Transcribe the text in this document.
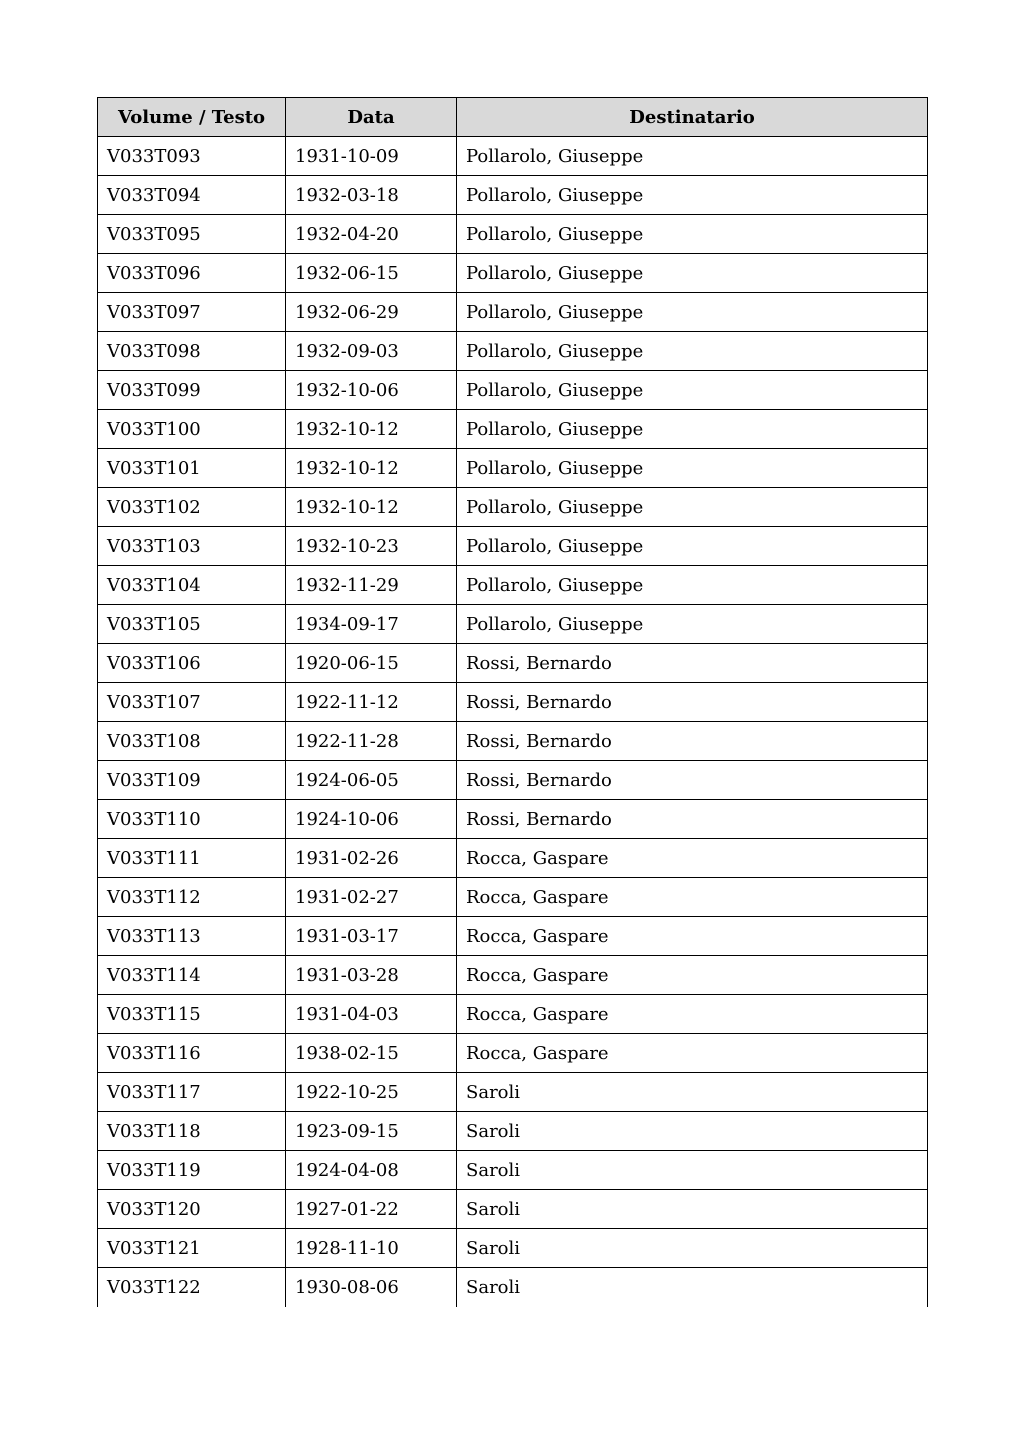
Volume / Testo	Data	Destinatario
V033T093	1931-10-09	Pollarolo, Giuseppe
V033T094	1932-03-18	Pollarolo, Giuseppe
V033T095	1932-04-20	Pollarolo, Giuseppe
V033T096	1932-06-15	Pollarolo, Giuseppe
V033T097	1932-06-29	Pollarolo, Giuseppe
V033T098	1932-09-03	Pollarolo, Giuseppe
V033T099	1932-10-06	Pollarolo, Giuseppe
V033T100	1932-10-12	Pollarolo, Giuseppe
V033T101	1932-10-12	Pollarolo, Giuseppe
V033T102	1932-10-12	Pollarolo, Giuseppe
V033T103	1932-10-23	Pollarolo, Giuseppe
V033T104	1932-11-29	Pollarolo, Giuseppe
V033T105	1934-09-17	Pollarolo, Giuseppe
V033T106	1920-06-15	Rossi, Bernardo
V033T107	1922-11-12	Rossi, Bernardo
V033T108	1922-11-28	Rossi, Bernardo
V033T109	1924-06-05	Rossi, Bernardo
V033T110	1924-10-06	Rossi, Bernardo
V033T111	1931-02-26	Rocca, Gaspare
V033T112	1931-02-27	Rocca, Gaspare
V033T113	1931-03-17	Rocca, Gaspare
V033T114	1931-03-28	Rocca, Gaspare
V033T115	1931-04-03	Rocca, Gaspare
V033T116	1938-02-15	Rocca, Gaspare
V033T117	1922-10-25	Saroli
V033T118	1923-09-15	Saroli
V033T119	1924-04-08	Saroli
V033T120	1927-01-22	Saroli
V033T121	1928-11-10	Saroli
V033T122	1930-08-06	Saroli
